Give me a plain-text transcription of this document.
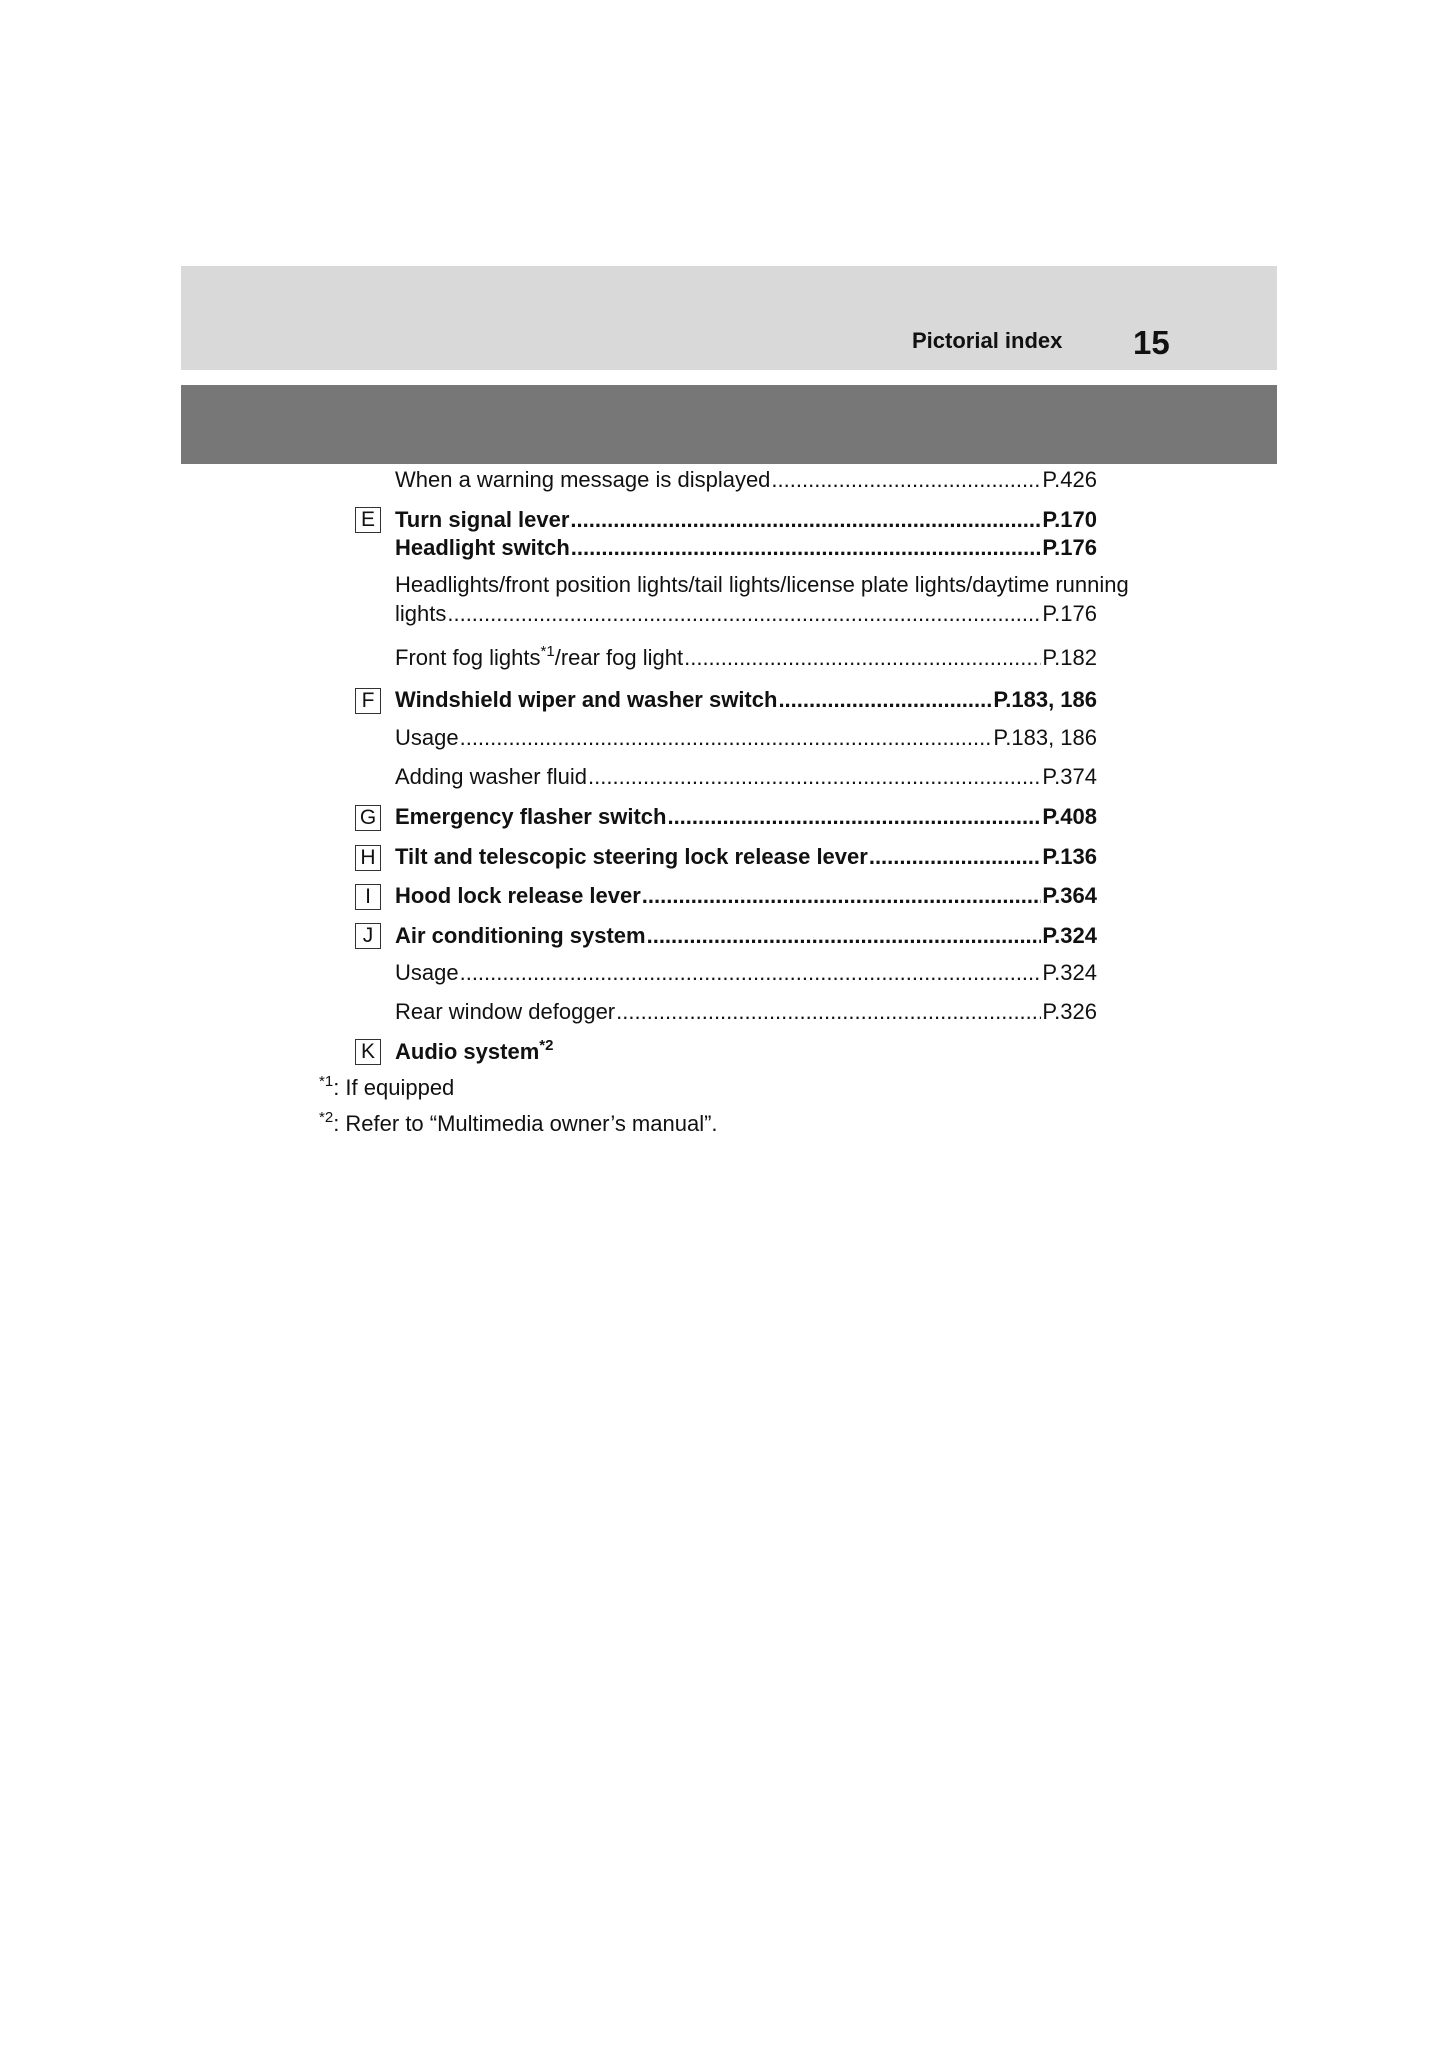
Pictorial index 15
When a warning message is displayed .....	P.426
E Turn signal lever .....	P.170
Headlight switch .....	P.176
Headlights/front position lights/tail lights/license plate lights/daytime running
lights .....	P.176
Front fog lights$^{*1}$/rear fog light .....	P.182
F Windshield wiper and washer switch .....	P.183, 186
Usage .....	P.183, 186
Adding washer fluid .....	P.374
G Emergency flasher switch .....	P.408
H Tilt and telescopic steering lock release lever .....	P.136
I	Hood lock release lever .....	P.364
J Air conditioning system .....	P.324
Usage .....	P.324
Rear window defogger .....	P.326
K Audio system$^{*2}$
$^{*1}$: If equipped
$^{*2}$: Refer to “Multimedia owner’s manual”.
